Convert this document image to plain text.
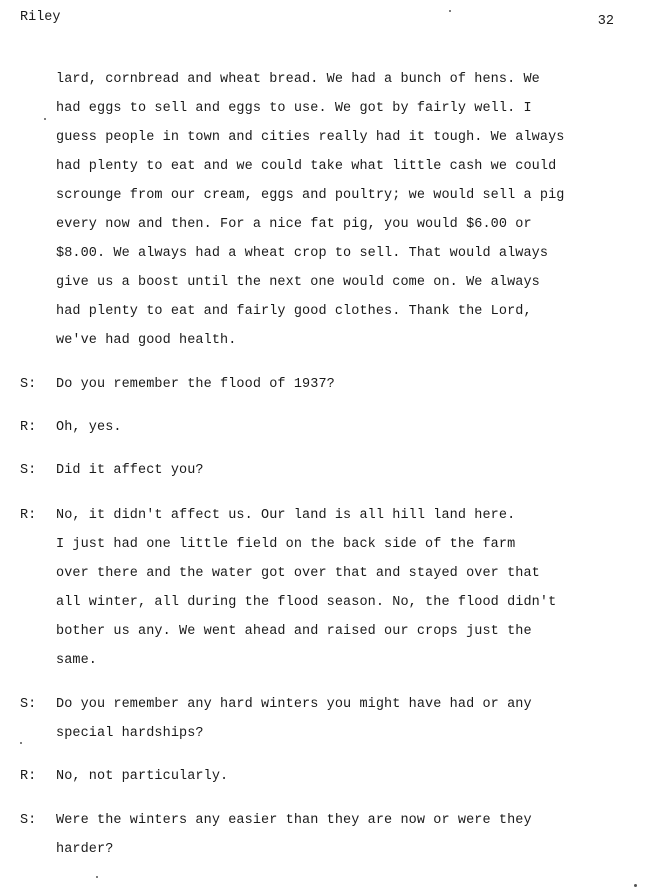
Riley	32
lard, cornbread and wheat bread. We had a bunch of hens. We
had eggs to sell and eggs to use. We got by fairly well. I
guess people in town and cities really had it tough. We always
had plenty to eat and we could take what little cash we could
scrounge from our cream, eggs and poultry; we would sell a pig
every now and then. For a nice fat pig, you would $6.00 or
$8.00. We always had a wheat crop to sell. That would always
give us a boost until the next one would come on. We always
had plenty to eat and fairly good clothes. Thank the Lord,
we've had good health.
S: Do you remember the flood of 1937?
R: Oh, yes.
S: Did it affect you?
R: No, it didn't affect us. Our land is all hill land here.
I just had one little field on the back side of the farm
over there and the water got over that and stayed over that
all winter, all during the flood season. No, the flood didn't
bother us any. We went ahead and raised our crops just the
same.
S: Do you remember any hard winters you might have had or any
special hardships?
R: No, not particularly.
S: Were the winters any easier than they are now or were they
harder?
